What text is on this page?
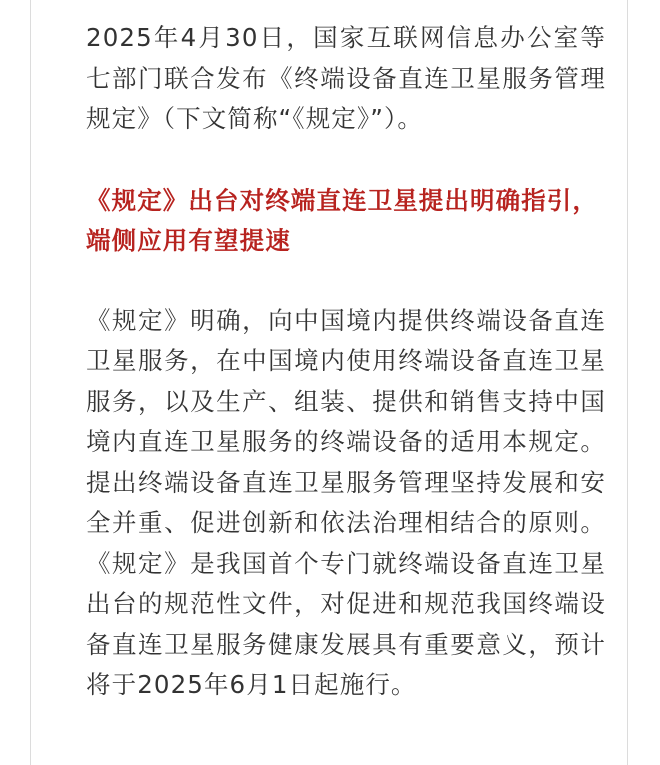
2025年4月30日，国家互联网信息办公室等七部门联合发布《终端设备直连卫星服务管理规定》（下文简称“《规定》”）。

《规定》出台对终端直连卫星提出明确指引，端侧应用有望提速

《规定》明确，向中国境内提供终端设备直连卫星服务，在中国境内使用终端设备直连卫星服务，以及生产、组装、提供和销售支持中国境内直连卫星服务的终端设备的适用本规定。提出终端设备直连卫星服务管理坚持发展和安全并重、促进创新和依法治理相结合的原则。《规定》是我国首个专门就终端设备直连卫星出台的规范性文件，对促进和规范我国终端设备直连卫星服务健康发展具有重要意义，预计将于2025年6月1日起施行。
